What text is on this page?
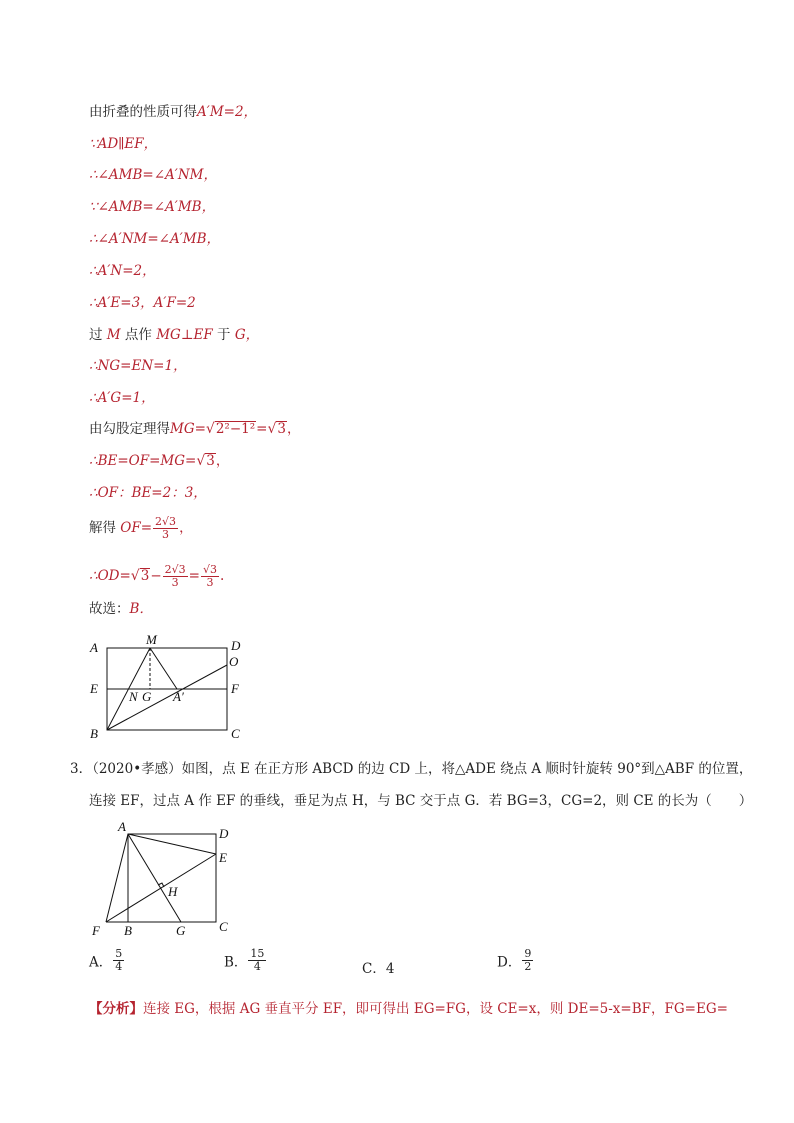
由折叠的性质可得A′M=2，
∵AD∥EF，
∴∠AMB=∠A′NM，
∵∠AMB=∠A′MB，
∴∠A′NM=∠A′MB，
∴A′N=2，
∴A′E=3，A′F=2
过 M 点作 MG⊥EF 于 G，
∴NG=EN=1，
∴A′G=1，
由勾股定理得MG=√2²−1²=√3，
∴BE=OF=MG=√3，
∴OF：BE=2：3，
解得 $OF= \frac{2√3}{3}$ ，
∴OD=√3− $\frac{2√3}{3} = \frac{√3}{3}$ .
故选：B．
A
M	D
O
E	F
N G A′
B	C
3．（2020•孝感）如图，点 E 在正方形 ABCD 的边 CD 上，将△ADE 绕点 A 顺时针旋转 90°到△ABF 的位置，
连接 EF，过点 A 作 EF 的垂线，垂足为点 H，与 BC 交于点 G．若 BG=3，CG=2，则 CE 的长为（　　）
A	D
E
H
F B	G	C
A． $\frac{5}{4}$	B． $\frac{15}{4}$	C．4	D． $\frac{9}{2}$
【分析】连接 EG，根据 AG 垂直平分 EF，即可得出 EG=FG，设 CE=x，则 DE=5-x=BF，FG=EG=
